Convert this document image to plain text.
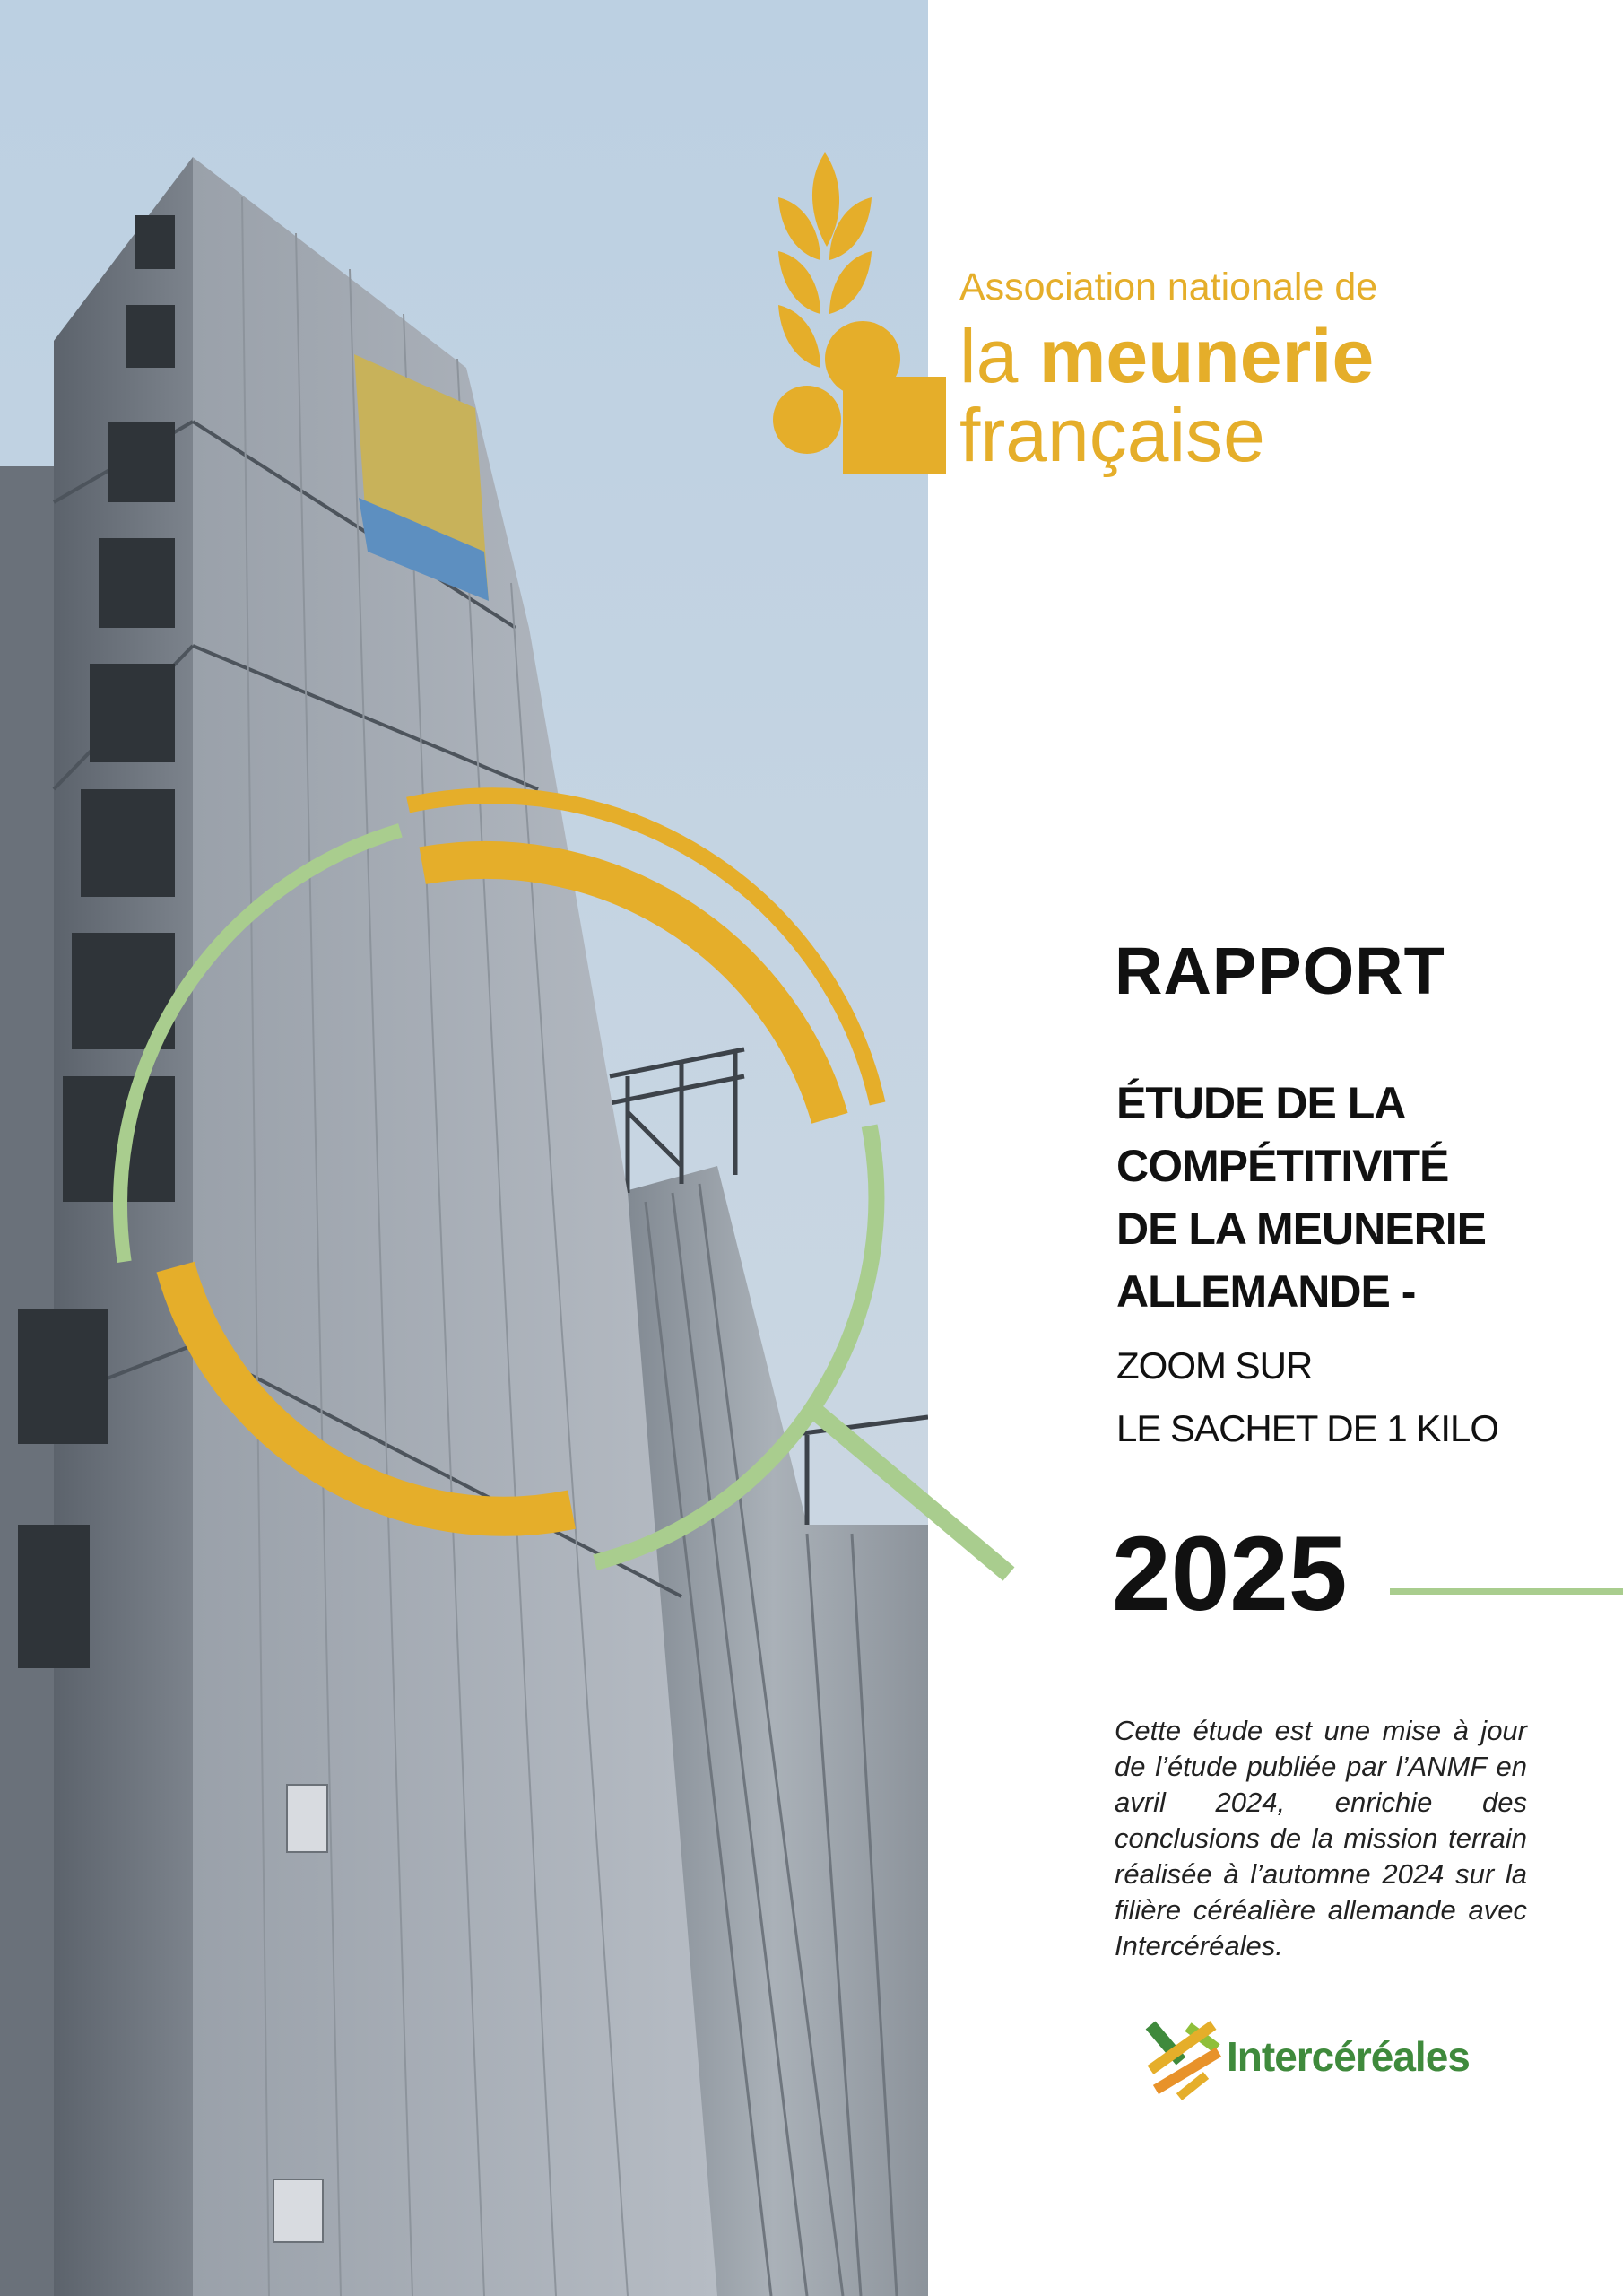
Association nationale de
la meunerie
française
RAPPORT
ÉTUDE DE LA
COMPÉTITIVITÉ
DE LA MEUNERIE
ALLEMANDE -
ZOOM SUR
LE SACHET DE 1 KILO
2025

Cette étude est une mise à jour de l’étude publiée par l’ANMF en avril 2024, enrichie des conclusions de la mission terrain réalisée à l’automne 2024 sur la filière céréalière allemande avec Intercéréales.

Intercéréales
